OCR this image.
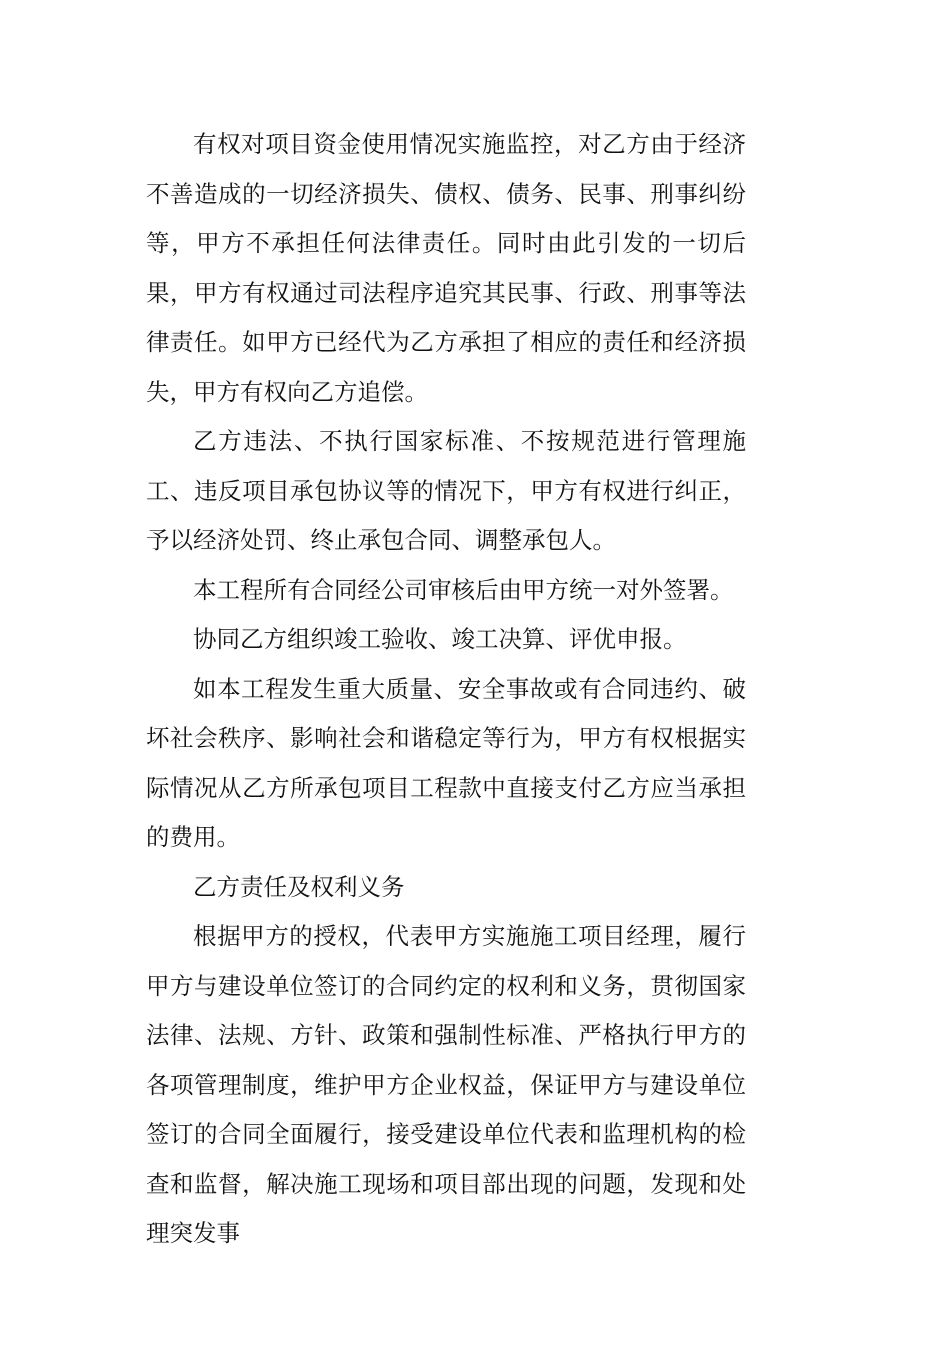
有权对项目资金使用情况实施监控，对乙方由于经济不善造成的一切经济损失、债权、债务、民事、刑事纠纷等，甲方不承担任何法律责任。同时由此引发的一切后果，甲方有权通过司法程序追究其民事、行政、刑事等法律责任。如甲方已经代为乙方承担了相应的责任和经济损失，甲方有权向乙方追偿。

乙方违法、不执行国家标准、不按规范进行管理施工、违反项目承包协议等的情况下，甲方有权进行纠正，予以经济处罚、终止承包合同、调整承包人。

本工程所有合同经公司审核后由甲方统一对外签署。

协同乙方组织竣工验收、竣工决算、评优申报。

如本工程发生重大质量、安全事故或有合同违约、破坏社会秩序、影响社会和谐稳定等行为，甲方有权根据实际情况从乙方所承包项目工程款中直接支付乙方应当承担的费用。

乙方责任及权利义务

根据甲方的授权，代表甲方实施施工项目经理，履行甲方与建设单位签订的合同约定的权利和义务，贯彻国家法律、法规、方针、政策和强制性标准、严格执行甲方的各项管理制度，维护甲方企业权益，保证甲方与建设单位签订的合同全面履行，接受建设单位代表和监理机构的检查和监督，解决施工现场和项目部出现的问题，发现和处理突发事
